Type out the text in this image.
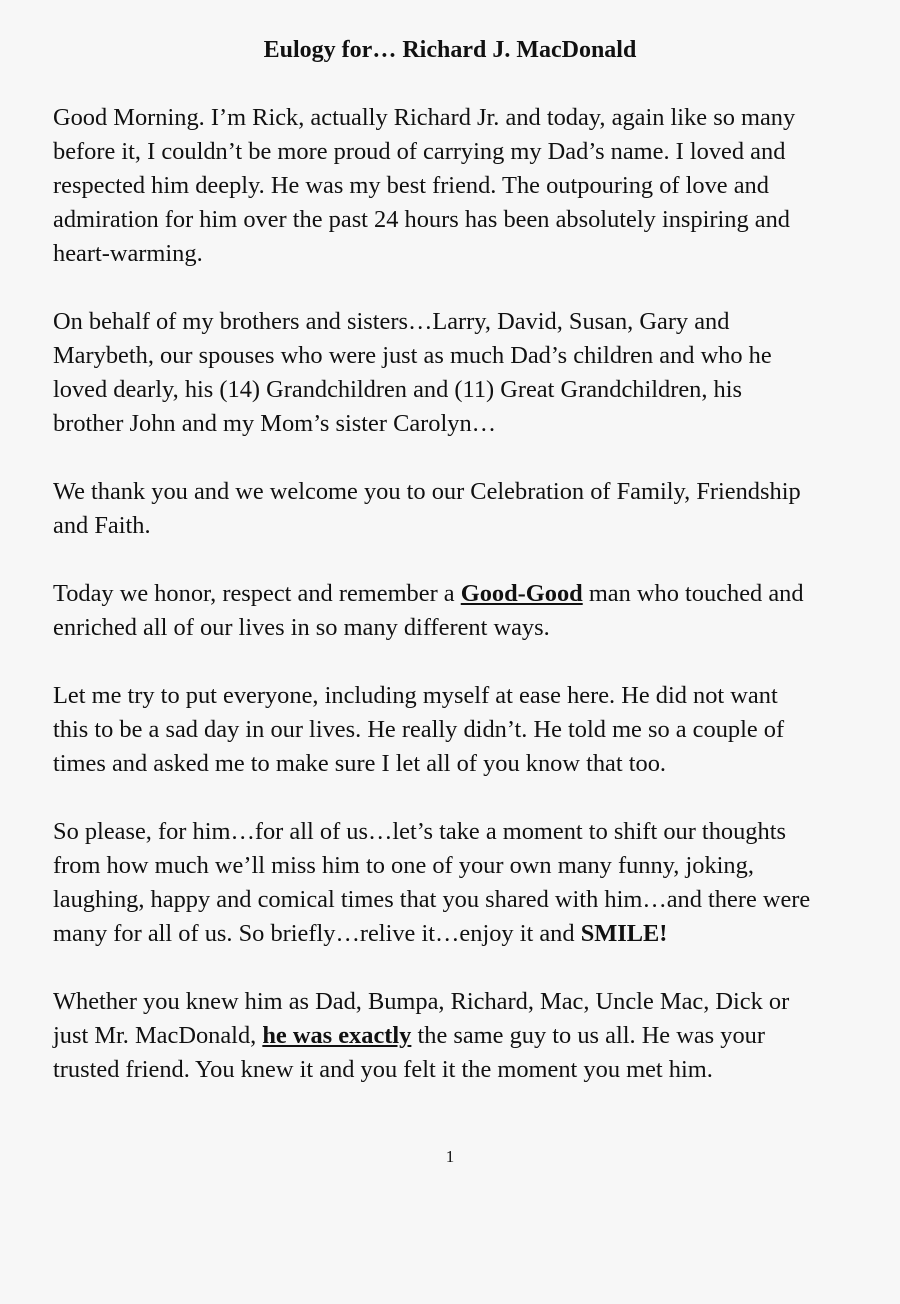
Eulogy for… Richard J. MacDonald

Good Morning. I’m Rick, actually Richard Jr. and today, again like so many
before it, I couldn’t be more proud of carrying my Dad’s name. I loved and
respected him deeply. He was my best friend. The outpouring of love and
admiration for him over the past 24 hours has been absolutely inspiring and
heart-warming.

On behalf of my brothers and sisters…Larry, David, Susan, Gary and
Marybeth, our spouses who were just as much Dad’s children and who he
loved dearly, his (14) Grandchildren and (11) Great Grandchildren, his
brother John and my Mom’s sister Carolyn…

We thank you and we welcome you to our Celebration of Family, Friendship
and Faith.

Today we honor, respect and remember a Good-Good man who touched and
enriched all of our lives in so many different ways.

Let me try to put everyone, including myself at ease here. He did not want
this to be a sad day in our lives. He really didn’t. He told me so a couple of
times and asked me to make sure I let all of you know that too.

So please, for him…for all of us…let’s take a moment to shift our thoughts
from how much we’ll miss him to one of your own many funny, joking,
laughing, happy and comical times that you shared with him…and there were
many for all of us. So briefly…relive it…enjoy it and SMILE!

Whether you knew him as Dad, Bumpa, Richard, Mac, Uncle Mac, Dick or
just Mr. MacDonald, he was exactly the same guy to us all. He was your
trusted friend. You knew it and you felt it the moment you met him.

1
